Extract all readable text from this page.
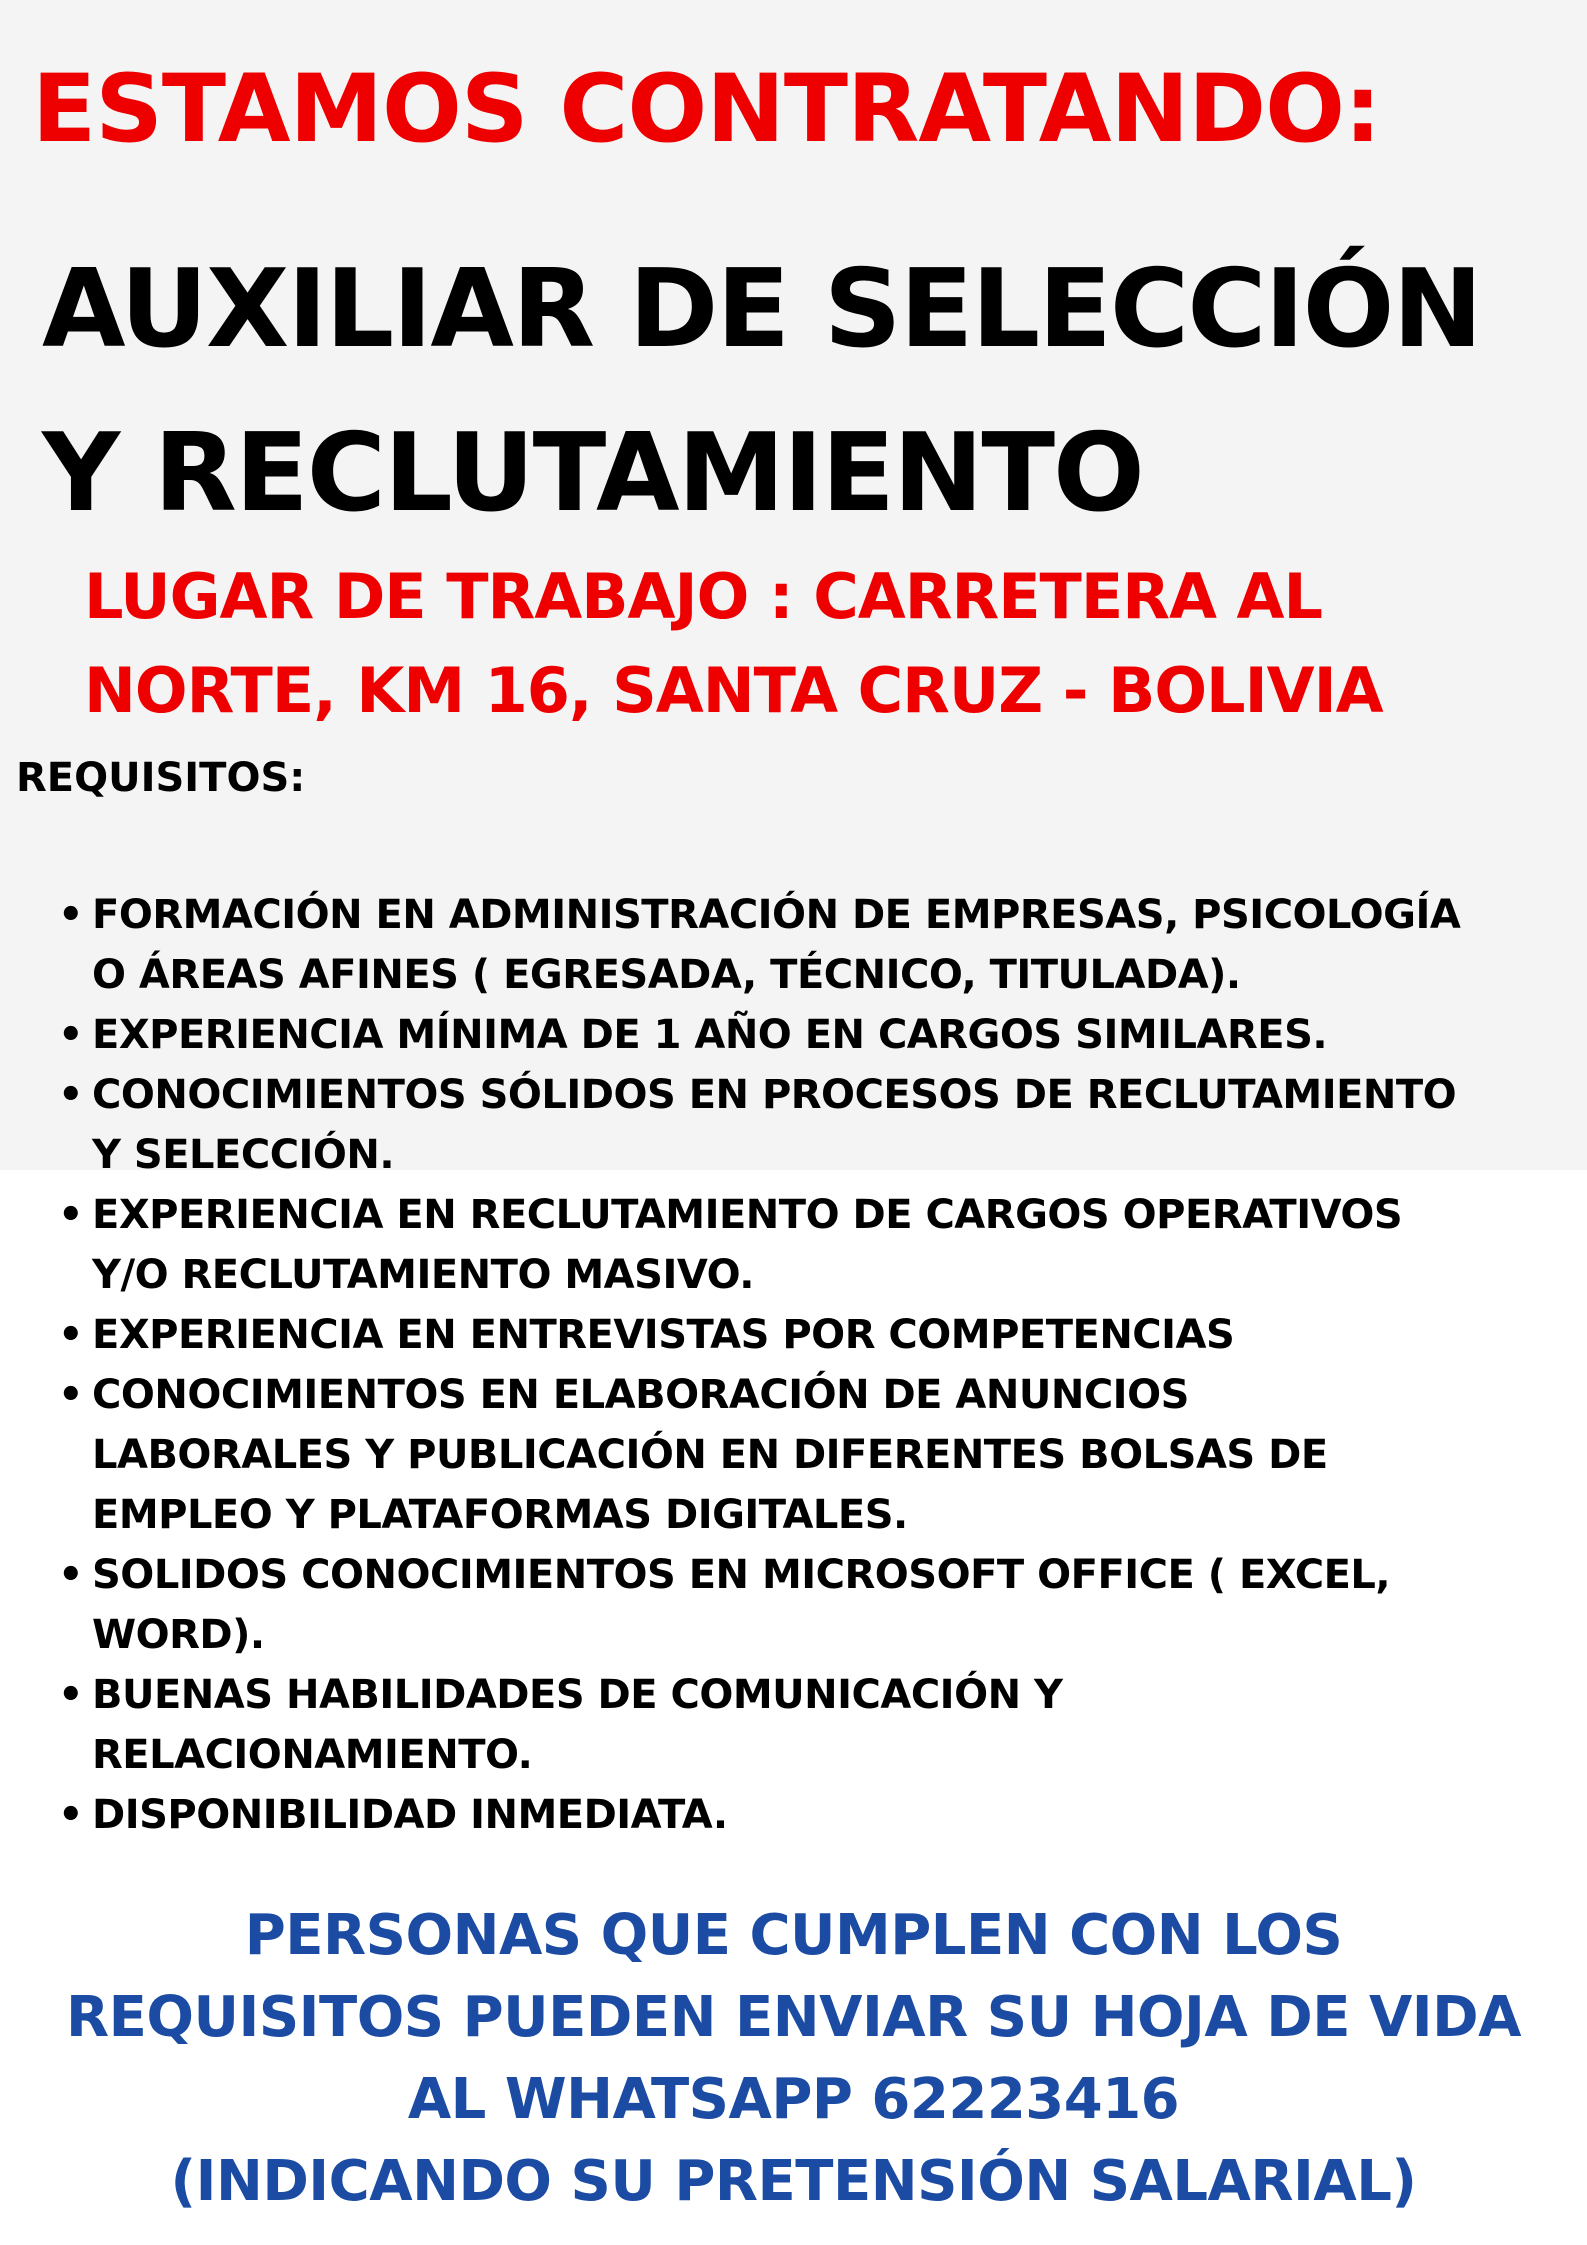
ESTAMOS CONTRATANDO:
AUXILIAR DE SELECCIÓN
Y RECLUTAMIENTO

LUGAR DE TRABAJO : CARRETERA AL
NORTE, KM 16, SANTA CRUZ - BOLIVIA

REQUISITOS:
• FORMACIÓN EN ADMINISTRACIÓN DE EMPRESAS, PSICOLOGÍA
O ÁREAS AFINES ( EGRESADA, TÉCNICO, TITULADA).
• EXPERIENCIA MÍNIMA DE 1 AÑO EN CARGOS SIMILARES.
• CONOCIMIENTOS SÓLIDOS EN PROCESOS DE RECLUTAMIENTO
Y SELECCIÓN.
• EXPERIENCIA EN RECLUTAMIENTO DE CARGOS OPERATIVOS
Y/O RECLUTAMIENTO MASIVO.
• EXPERIENCIA EN ENTREVISTAS POR COMPETENCIAS
• CONOCIMIENTOS EN ELABORACIÓN DE ANUNCIOS
LABORALES Y PUBLICACIÓN EN DIFERENTES BOLSAS DE
EMPLEO Y PLATAFORMAS DIGITALES.
• SOLIDOS CONOCIMIENTOS EN MICROSOFT OFFICE ( EXCEL,
WORD).
• BUENAS HABILIDADES DE COMUNICACIÓN Y
RELACIONAMIENTO.
• DISPONIBILIDAD INMEDIATA.

PERSONAS QUE CUMPLEN CON LOS
REQUISITOS PUEDEN ENVIAR SU HOJA DE VIDA
AL WHATSAPP 62223416
(INDICANDO SU PRETENSIÓN SALARIAL)
